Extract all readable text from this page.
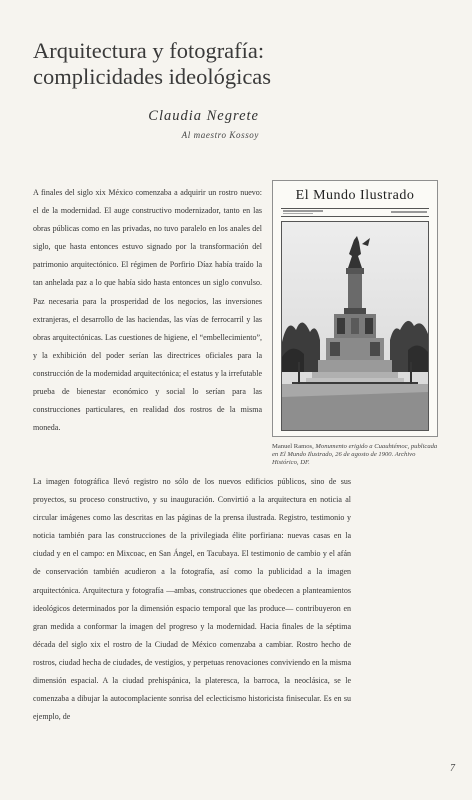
Arquitectura y fotografía:
complicidades ideológicas
Claudia Negrete
Al maestro Kossoy

A finales del siglo xix México comenzaba a adquirir un rostro nuevo: el de la modernidad. El auge constructivo modernizador, tanto en las obras públicas como en las privadas, no tuvo paralelo en los anales del siglo, que hasta entonces estuvo signado por la transformación del patrimonio arquitectónico. El régimen de Porfirio Díaz había traído la tan anhelada paz a lo que había sido hasta entonces un siglo convulso. Paz necesaria para la prosperidad de los negocios, las inversiones extranjeras, el desarrollo de las haciendas, las vías de ferrocarril y las obras arquitectónicas. Las cuestiones de higiene, el “embellecimiento”, y la exhibición del poder serían las directrices oficiales para la construcción de la modernidad arquitectónica; el estatus y la irrefutable prueba de bienestar económico y social lo serían para las construcciones particulares, en realidad dos rostros de la misma moneda.

El Mundo Ilustrado
Manuel Ramos, Monumento erigido a Cuauhtémoc, publicada en El Mundo Ilustrado, 26 de agosto de 1900. Archivo Histórico, DF.

La imagen fotográfica llevó registro no sólo de los nuevos edificios públicos, sino de sus proyectos, su proceso constructivo, y su inauguración. Convirtió a la arquitectura en noticia al circular imágenes como las descritas en las páginas de la prensa ilustrada. Registro, testimonio y noticia también para las construcciones de la privilegiada élite porfiriana: nuevas casas en la ciudad y en el campo: en Mixcoac, en San Ángel, en Tacubaya. El testimonio de cambio y el afán de conservación también acudieron a la fotografía, así como la publicidad a la imagen arquitectónica. Arquitectura y fotografía —ambas, construcciones que obedecen a planteamientos ideológicos determinados por la dimensión espacio temporal que las produce— contribuyeron en gran medida a conformar la imagen del progreso y la modernidad. Hacia finales de la séptima década del siglo xix el rostro de la Ciudad de México comenzaba a cambiar. Rostro hecho de rostros, ciudad hecha de ciudades, de vestigios, y perpetuas renovaciones conviviendo en la misma dimensión espacial. A la ciudad prehispánica, la plateresca, la barroca, la neoclásica, se le comenzaba a dibujar la autocomplaciente sonrisa del eclecticismo historicista finisecular. Es en su ejemplo, de

7
